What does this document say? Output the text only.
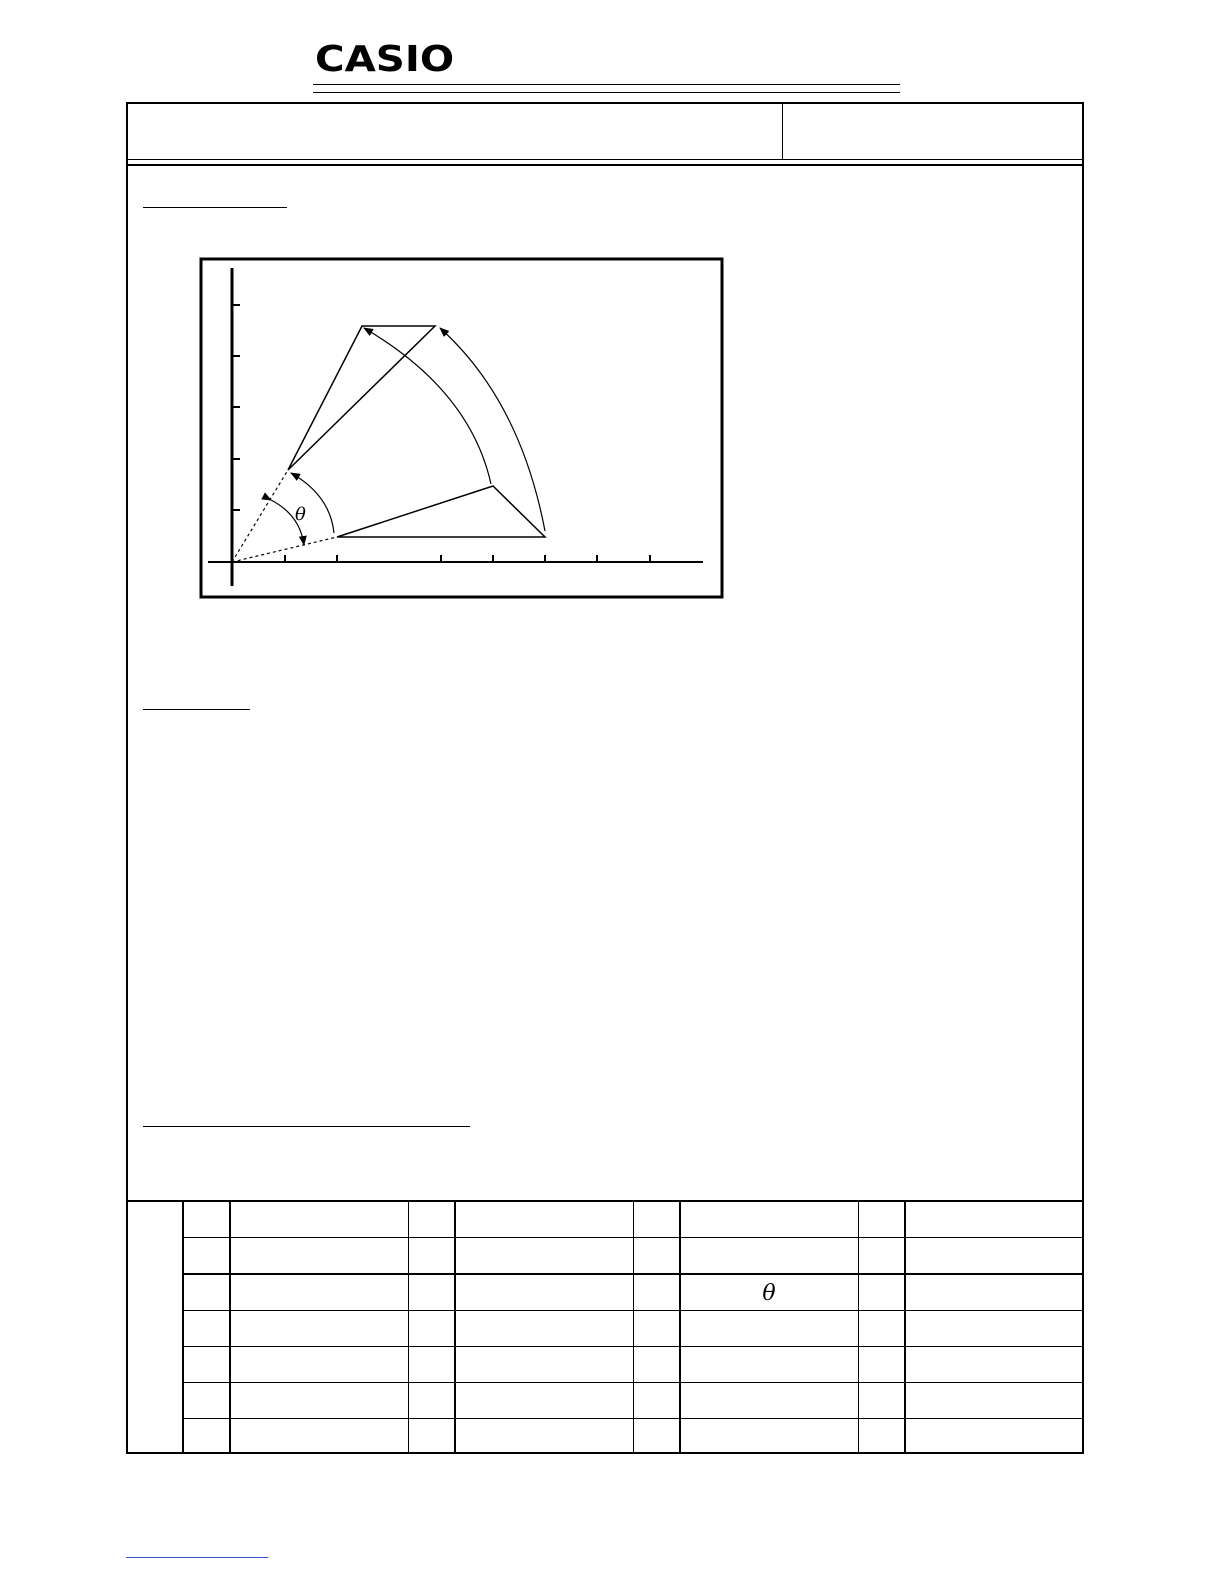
CASIO
θ
θ
